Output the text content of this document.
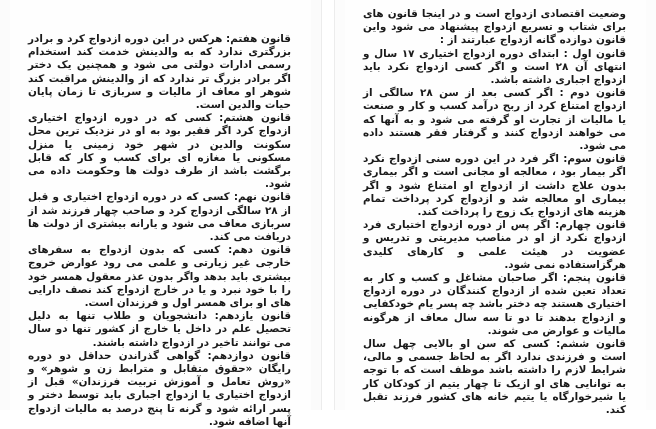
قانون هفتم: هرکس در این دوره ازدواج کرد و برادر بزرگتری ندارد که به والدینش خدمت کند استخدام رسمی ادارات دولتی می شود و همچنین یک دختر اگر برادر بزرگ تر ندارد که از والدینش مراقبت کند شوهر او معاف از مالیات و سربازی تا زمان پایان حیات والدین است.
قانون هشتم: کسی که در دوره ازدواج اختیاری ازدواج کرد اگر فقیر بود به او در نزدیک ترین محل سکونت والدین در شهر خود زمینی یا منزل مسکونی یا مغازه ای برای کسب و کار که قابل برگشت باشد از طرف دولت ها وحکومت داده می شود.
قانون نهم: کسی که در دوره ازدواج اختیاری و قبل از ۲۸ سالگی ازدواج کرد و صاحب چهار فرزند شد از سربازی معاف می شود و یارانه بیشتری از دولت ها دریافت می کند.
قانون دهم: کسی که بدون ازدواج به سفرهای خارجی غیر زیارتی و علمی می رود عوارض خروج بیشتری باید بدهد واگر بدون عذر معقول همسر خود را با خود نبرد و یا در خارج ازدواج کند نصف دارایی های او برای همسر اول و فرزندان است.
قانون یازدهم: دانشجویان و طلاب تنها به دلیل تحصیل علم در داخل یا خارج از کشور تنها دو سال می توانند تاخیر در ازدواج داشته باشند.
قانون دوازدهم: گواهی گذراندن حداقل دو دوره رایگان «حقوق متقابل و مترابط زن و شوهر» و «روش تعامل و آموزش تربیت فرزندان» قبل از ازدواج اختیاری یا ازدواج اجباری باید توسط دختر و پسر ارائه شود و گرنه تا پنج درصد به مالیات ازدواج آنها اضافه شود.
وضعیت اقتصادی ازدواج است و در اینجا قانون های برای شتاب و تسریع ازدواج پیشنهاد می شود واین قانون دوازده گانه ازدواج عبارتند از :
قانون اول : ابتدای دوره ازدواج اختیاری ۱۷ سال و انتهای آن ۲۸ است و اگر کسی ازدواج نکرد باید ازدواج اجباری داشته باشد.
قانون دوم : اگر کسی بعد از سن ۲۸ سالگی از ازدواج امتناع کرد از ربح درآمد کسب و کار و صنعت یا مالیات از تجارت او گرفته می شود و به آنها که می خواهند ازدواج کنند و گرفتار فقر هستند داده می شود.
قانون سوم: اگر فرد در این دوره سنی ازدواج نکرد اگر بیمار بود ، معالجه او مجانی است و اگر بیماری بدون علاج داشت از ازدواج او امتناع شود و اگر بیماری او معالجه شد و ازدواج کرد پرداخت تمام هزینه های ازدواج یک زوج را پرداخت کند.
قانون چهارم: اگر پس از دوره ازدواج اختیاری فرد ازدواج نکرد از او در مناصب مدیریتی و تدریس و عضویت در هیئت علمی و کارهای کلیدی هرگزاستفاده نمی شود.
قانون پنجم: اگر صاحبان مشاغل و کسب و کار به تعداد تعین شده از ازدواج کنندگان در دوره ازدواج اختیاری هستند چه دختر باشد چه پسر یام خودکفایی و ازدواج بدهند تا دو تا سه سال معاف از هرگونه مالیات و عوارض می شوند.
قانون ششم: کسی که سن او بالایی چهل سال است و فرزندی ندارد اگر به لحاظ جسمی و مالی، شرایط لازم را داشته باشد موظف است که با توجه به توانایی های او ازیک تا چهار یتیم از کودکان کار یا شیرخوارگاه یا یتیم خانه های کشور فرزند تقبل کند.
